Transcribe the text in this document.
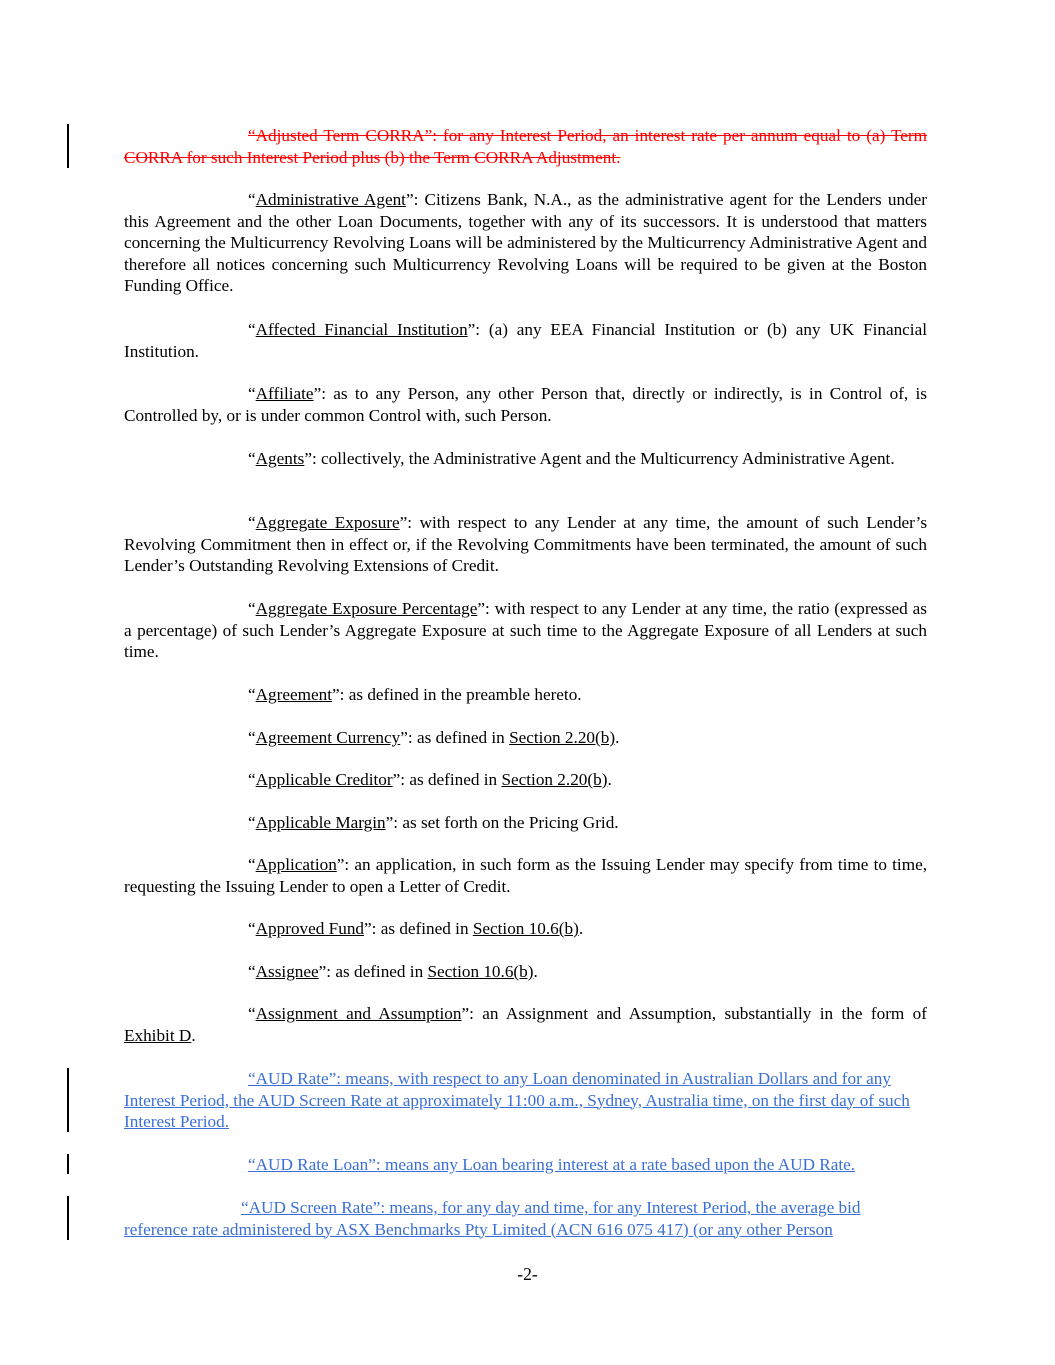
“Adjusted Term CORRA”: for any Interest Period, an interest rate per annum equal to (a) Term CORRA for such Interest Period plus (b) the Term CORRA Adjustment.

“Administrative Agent”: Citizens Bank, N.A., as the administrative agent for the Lenders under this Agreement and the other Loan Documents, together with any of its successors. It is understood that matters concerning the Multicurrency Revolving Loans will be administered by the Multicurrency Administrative Agent and therefore all notices concerning such Multicurrency Revolving Loans will be required to be given at the Boston Funding Office.

“Affected Financial Institution”: (a) any EEA Financial Institution or (b) any UK Financial Institution.

“Affiliate”: as to any Person, any other Person that, directly or indirectly, is in Control of, is Controlled by, or is under common Control with, such Person.

“Agents”: collectively, the Administrative Agent and the Multicurrency Administrative Agent.

“Aggregate Exposure”: with respect to any Lender at any time, the amount of such Lender’s Revolving Commitment then in effect or, if the Revolving Commitments have been terminated, the amount of such Lender’s Outstanding Revolving Extensions of Credit.

“Aggregate Exposure Percentage”: with respect to any Lender at any time, the ratio (expressed as a percentage) of such Lender’s Aggregate Exposure at such time to the Aggregate Exposure of all Lenders at such time.

“Agreement”: as defined in the preamble hereto.

“Agreement Currency”: as defined in Section 2.20(b).

“Applicable Creditor”: as defined in Section 2.20(b).

“Applicable Margin”: as set forth on the Pricing Grid.

“Application”: an application, in such form as the Issuing Lender may specify from time to time, requesting the Issuing Lender to open a Letter of Credit.

“Approved Fund”: as defined in Section 10.6(b).

“Assignee”: as defined in Section 10.6(b).

“Assignment and Assumption”: an Assignment and Assumption, substantially in the form of Exhibit D.

“AUD Rate”: means, with respect to any Loan denominated in Australian Dollars and for any Interest Period, the AUD Screen Rate at approximately 11:00 a.m., Sydney, Australia time, on the first day of such Interest Period.

“AUD Rate Loan”: means any Loan bearing interest at a rate based upon the AUD Rate.

“AUD Screen Rate”: means, for any day and time, for any Interest Period, the average bid reference rate administered by ASX Benchmarks Pty Limited (ACN 616 075 417) (or any other Person

-2-
